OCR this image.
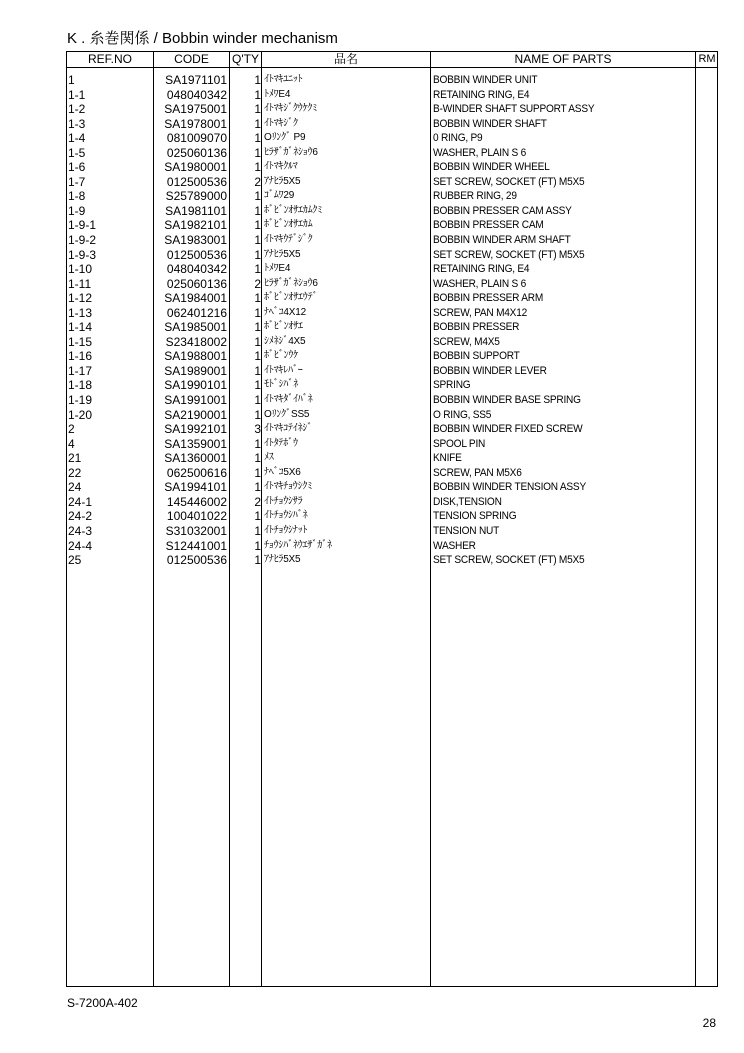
K . 糸巻関係 / Bobbin winder mechanism
REF.NO	CODE	Q'TY	品名	NAME OF PARTS	RM
1	SA1971101	1 ｲﾄﾏｷﾕﾆｯﾄ	BOBBIN WINDER UNIT
1-1	048040342	1 ﾄﾒﾜE4	RETAINING RING, E4
1-2	SA1975001	1 ｲﾄﾏｷｼﾞｸｳｹｸﾐ	B-WINDER SHAFT SUPPORT ASSY
1-3	SA1978001	1 ｲﾄﾏｷｼﾞｸ	BOBBIN WINDER SHAFT
1-4	081009070	1 Oﾘﾝｸﾞ P9	0 RING, P9
1-5	025060136	1 ﾋﾗｻﾞｶﾞﾈｼｮｳ6	WASHER, PLAIN S 6
1-6	SA1980001	1 ｲﾄﾏｷｸﾙﾏ	BOBBIN WINDER WHEEL
1-7	012500536	2 ｱﾅﾋﾗ5X5	SET SCREW, SOCKET (FT) M5X5
1-8	S25789000	1 ｺﾞﾑﾜ29	RUBBER RING, 29
1-9	SA1981101	1 ﾎﾞﾋﾞﾝｵｻｴｶﾑｸﾐ	BOBBIN PRESSER CAM ASSY
1-9-1	SA1982101	1 ﾎﾞﾋﾞﾝｵｻｴｶﾑ	BOBBIN PRESSER CAM
1-9-2	SA1983001	1 ｲﾄﾏｷｳﾃﾞｼﾞｸ	BOBBIN WINDER ARM SHAFT
1-9-3	012500536	1 ｱﾅﾋﾗ5X5	SET SCREW, SOCKET (FT) M5X5
1-10	048040342	1 ﾄﾒﾜE4	RETAINING RING, E4
1-11	025060136	2 ﾋﾗｻﾞｶﾞﾈｼｮｳ6	WASHER, PLAIN S 6
1-12	SA1984001	1 ﾎﾞﾋﾞﾝｵｻｴｳﾃﾞ	BOBBIN PRESSER ARM
1-13	062401216	1 ﾅﾍﾞｺ4X12	SCREW, PAN M4X12
1-14	SA1985001	1 ﾎﾞﾋﾞﾝｵｻｴ	BOBBIN PRESSER
1-15	S23418002	1 ｼﾒﾈｼﾞ4X5	SCREW, M4X5
1-16	SA1988001	1 ﾎﾞﾋﾞﾝｳｹ	BOBBIN SUPPORT
1-17	SA1989001	1 ｲﾄﾏｷﾚﾊﾞｰ	BOBBIN WINDER LEVER
1-18	SA1990101	1 ﾓﾄﾞｼﾊﾞﾈ	SPRING
1-19	SA1991001	1 ｲﾄﾏｷﾀﾞｲﾊﾞﾈ	BOBBIN WINDER BASE SPRING
1-20	SA2190001	1 OﾘﾝｸﾞSS5	O RING, SS5
2	SA1992101	3 ｲﾄﾏｷｺﾃｲﾈｼﾞ	BOBBIN WINDER FIXED SCREW
4	SA1359001	1 ｲﾄﾀﾃﾎﾞｳ	SPOOL PIN
21	SA1360001	1 ﾒｽ	KNIFE
22	062500616	1 ﾅﾍﾞｺ5X6	SCREW, PAN M5X6
24	SA1994101	1 ｲﾄﾏｷﾁｮｳｼｸﾐ	BOBBIN WINDER TENSION ASSY
24-1	145446002	2 ｲﾄﾁｮｳｼｻﾗ	DISK,TENSION
24-2	100401022	1 ｲﾄﾁｮｳｼﾊﾞﾈ	TENSION SPRING
24-3	S31032001	1 ｲﾄﾁｮｳｼﾅｯﾄ	TENSION NUT
24-4	S12441001	1 ﾁｮｳｼﾊﾞﾈｳｴｻﾞｶﾞﾈ	WASHER
25	012500536	1 ｱﾅﾋﾗ5X5	SET SCREW, SOCKET (FT) M5X5
S-7200A-402
28
